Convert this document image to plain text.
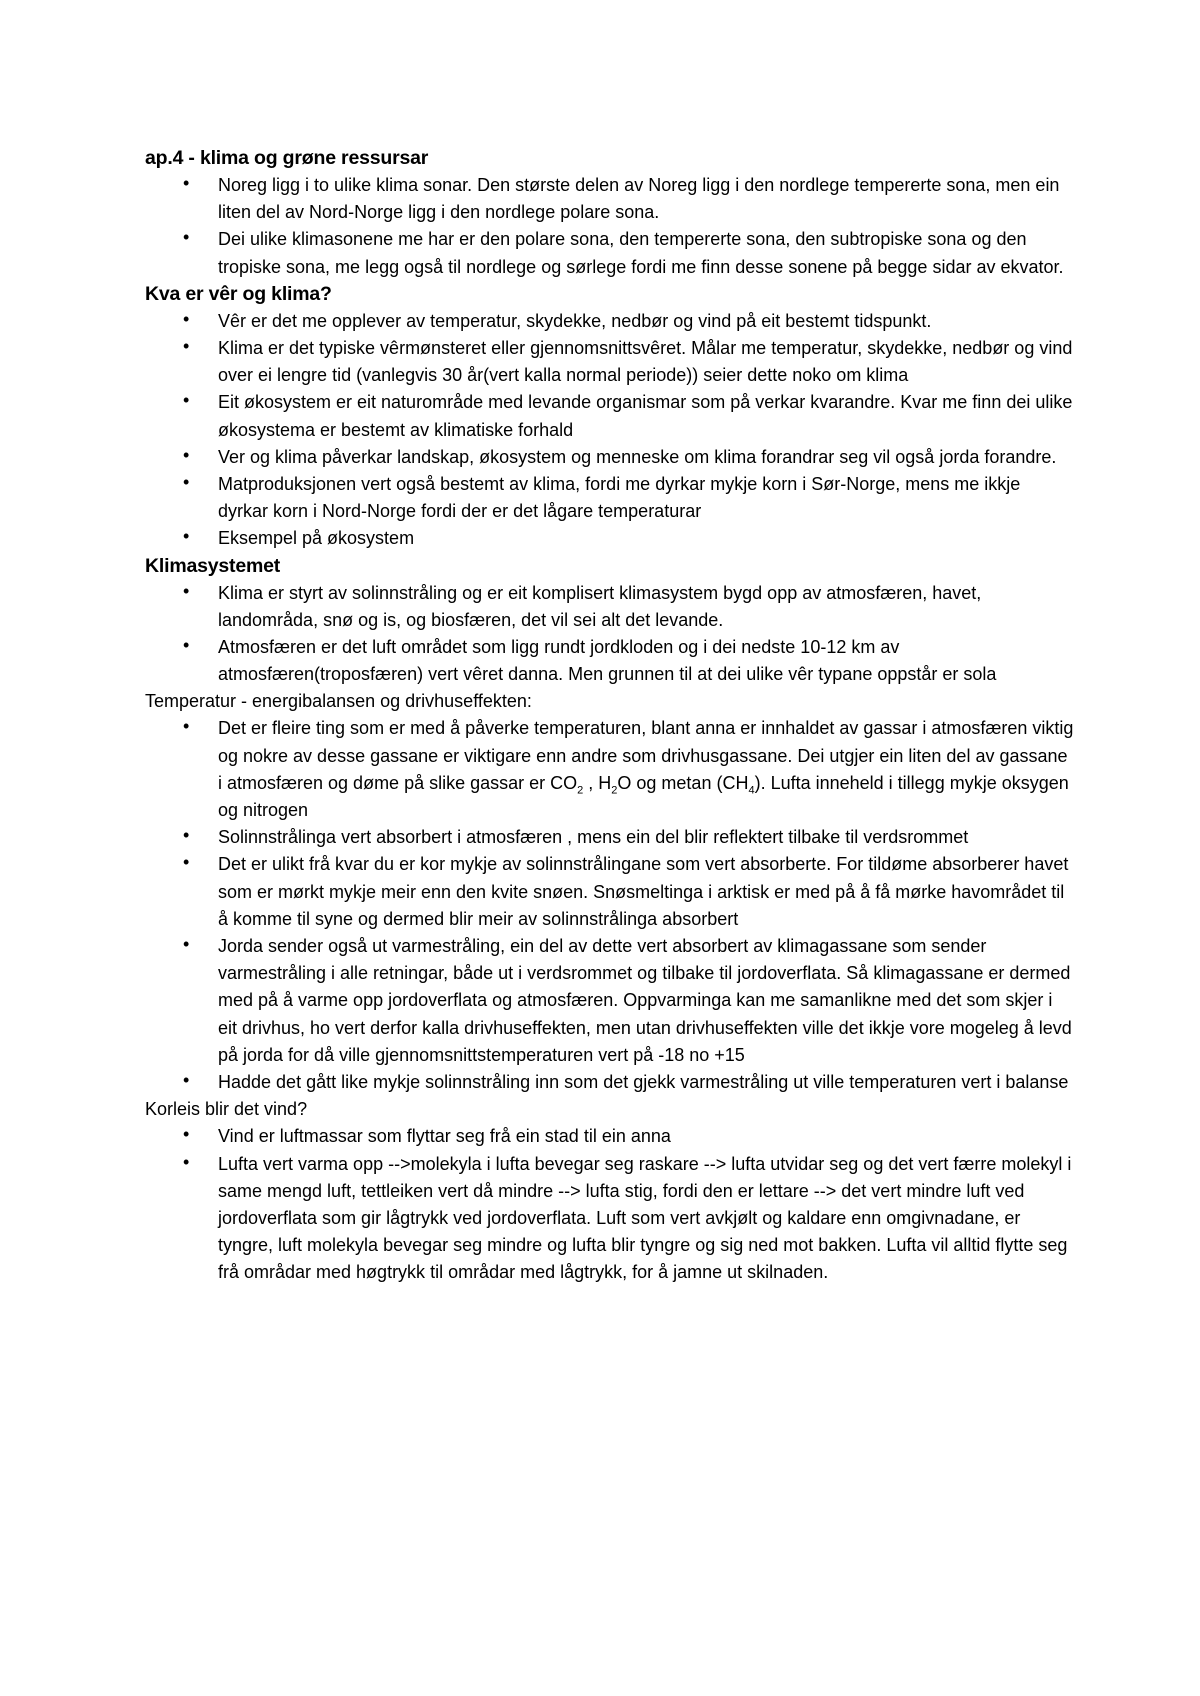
ap.4 - klima og grøne ressursar

• Noreg ligg i to ulike klima sonar. Den største delen av Noreg ligg i den nordlege tempererte sona, men ein liten del av Nord-Norge ligg i den nordlege polare sona.
• Dei ulike klimasonene me har er den polare sona, den tempererte sona, den subtropiske sona og den tropiske sona, me legg også til nordlege og sørlege fordi me finn desse sonene på begge sidar av ekvator.

Kva er vêr og klima?

• Vêr er det me opplever av temperatur, skydekke, nedbør og vind på eit bestemt tidspunkt.
• Klima er det typiske vêrmønsteret eller gjennomsnittsvêret. Målar me temperatur, skydekke, nedbør og vind over ei lengre tid (vanlegvis 30 år(vert kalla normal periode)) seier dette noko om klima
• Eit økosystem er eit naturområde med levande organismar som på verkar kvarandre. Kvar me finn dei ulike økosystema er bestemt av klimatiske forhald
• Ver og klima påverkar landskap, økosystem og menneske om klima forandrar seg vil også jorda forandre.
• Matproduksjonen vert også bestemt av klima, fordi me dyrkar mykje korn i Sør-Norge, mens me ikkje dyrkar korn i Nord-Norge fordi der er det lågare temperaturar
• Eksempel på økosystem

Klimasystemet

• Klima er styrt av solinnstråling og er eit komplisert klimasystem bygd opp av atmosfæren, havet, landområda, snø og is, og biosfæren, det vil sei alt det levande.
• Atmosfæren er det luft området som ligg rundt jordkloden og i dei nedste 10-12 km av atmosfæren(troposfæren) vert vêret danna. Men grunnen til at dei ulike vêr typane oppstår er sola

Temperatur - energibalansen og drivhuseffekten:

• Det er fleire ting som er med å påverke temperaturen, blant anna er innhaldet av gassar i atmosfæren viktig og nokre av desse gassane er viktigare enn andre som drivhusgassane. Dei utgjer ein liten del av gassane i atmosfæren og døme på slike gassar er $CO_2$ , $H_2O$ og metan $(CH_4)$. Lufta inneheld i tillegg mykje oksygen og nitrogen
• Solinnstrålinga vert absorbert i atmosfæren , mens ein del blir reflektert tilbake til verdsrommet
• Det er ulikt frå kvar du er kor mykje av solinnstrålingane som vert absorberte. For tildøme absorberer havet som er mørkt mykje meir enn den kvite snøen. Snøsmeltinga i arktisk er med på å få mørke havområdet til å komme til syne og dermed blir meir av solinnstrålinga absorbert
• Jorda sender også ut varmestråling, ein del av dette vert absorbert av klimagassane som sender varmestråling i alle retningar, både ut i verdsrommet og tilbake til jordoverflata. Så klimagassane er dermed med på å varme opp jordoverflata og atmosfæren. Oppvarminga kan me samanlikne med det som skjer i eit drivhus, ho vert derfor kalla drivhuseffekten, men utan drivhuseffekten ville det ikkje vore mogeleg å levd på jorda for då ville gjennomsnittstemperaturen vert på -18 no +15
• Hadde det gått like mykje solinnstråling inn som det gjekk varmestråling ut ville temperaturen vert i balanse

Korleis blir det vind?

• Vind er luftmassar som flyttar seg frå ein stad til ein anna
• Lufta vert varma opp -->molekyla i lufta bevegar seg raskare --> lufta utvidar seg og det vert færre molekyl i same mengd luft, tettleiken vert då mindre --> lufta stig, fordi den er lettare --> det vert mindre luft ved jordoverflata som gir lågtrykk ved jordoverflata. Luft som vert avkjølt og kaldare enn omgivnadane, er tyngre, luft molekyla bevegar seg mindre og lufta blir tyngre og sig ned mot bakken. Lufta vil alltid flytte seg frå områdar med høgtrykk til områdar med lågtrykk, for å jamne ut skilnaden.
